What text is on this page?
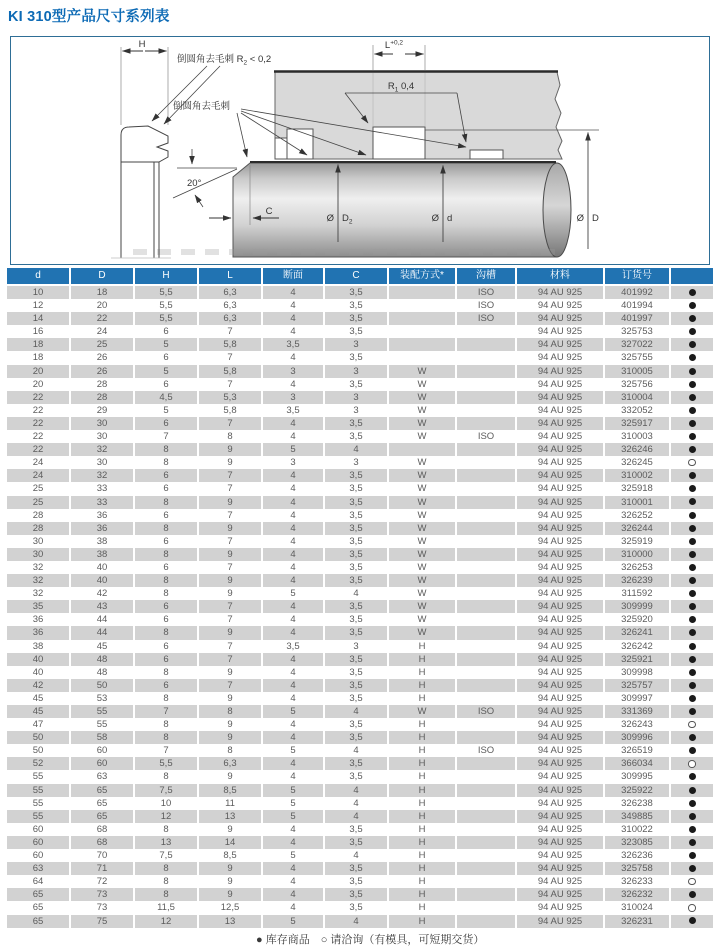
KI 310型产品尺寸系列表
H	$L^{+0,2}$
倒圆角去毛刺 $R_2 < 0,2$
倒圆角去毛刺
$R_1$ 0,4
20°
C
Ø $D_2$	Ø d	Ø D
d	D	H	L	断面	C	装配方式*	沟槽	材料	订货号	
10	18	5,5	6,3	4	3,5		ISO	94 AU 925	401992	
12	20	5,5	6,3	4	3,5		ISO	94 AU 925	401994	
14	22	5,5	6,3	4	3,5		ISO	94 AU 925	401997	
16	24	6	7	4	3,5			94 AU 925	325753	
18	25	5	5,8	3,5	3			94 AU 925	327022	
18	26	6	7	4	3,5			94 AU 925	325755	
20	26	5	5,8	3	3	W		94 AU 925	310005	
20	28	6	7	4	3,5	W		94 AU 925	325756	
22	28	4,5	5,3	3	3	W		94 AU 925	310004	
22	29	5	5,8	3,5	3	W		94 AU 925	332052	
22	30	6	7	4	3,5	W		94 AU 925	325917	
22	30	7	8	4	3,5	W	ISO	94 AU 925	310003	
22	32	8	9	5	4			94 AU 925	326246	
24	30	8	9	3	3	W		94 AU 925	326245	
24	32	6	7	4	3,5	W		94 AU 925	310002	
25	33	6	7	4	3,5	W		94 AU 925	325918	
25	33	8	9	4	3,5	W		94 AU 925	310001	
28	36	6	7	4	3,5	W		94 AU 925	326252	
28	36	8	9	4	3,5	W		94 AU 925	326244	
30	38	6	7	4	3,5	W		94 AU 925	325919	
30	38	8	9	4	3,5	W		94 AU 925	310000	
32	40	6	7	4	3,5	W		94 AU 925	326253	
32	40	8	9	4	3,5	W		94 AU 925	326239	
32	42	8	9	5	4	W		94 AU 925	311592	
35	43	6	7	4	3,5	W		94 AU 925	309999	
36	44	6	7	4	3,5	W		94 AU 925	325920	
36	44	8	9	4	3,5	W		94 AU 925	326241	
38	45	6	7	3,5	3	H		94 AU 925	326242	
40	48	6	7	4	3,5	H		94 AU 925	325921	
40	48	8	9	4	3,5	H		94 AU 925	309998	
42	50	6	7	4	3,5	H		94 AU 925	325757	
45	53	8	9	4	3,5	H		94 AU 925	309997	
45	55	7	8	5	4	W	ISO	94 AU 925	331369	
47	55	8	9	4	3,5	H		94 AU 925	326243	
50	58	8	9	4	3,5	H		94 AU 925	309996	
50	60	7	8	5	4	H	ISO	94 AU 925	326519	
52	60	5,5	6,3	4	3,5	H		94 AU 925	366034	
55	63	8	9	4	3,5	H		94 AU 925	309995	
55	65	7,5	8,5	5	4	H		94 AU 925	325922	
55	65	10	11	5	4	H		94 AU 925	326238	
55	65	12	13	5	4	H		94 AU 925	349885	
60	68	8	9	4	3,5	H		94 AU 925	310022	
60	68	13	14	4	3,5	H		94 AU 925	323085	
60	70	7,5	8,5	5	4	H		94 AU 925	326236	
63	71	8	9	4	3,5	H		94 AU 925	325758	
64	72	8	9	4	3,5	H		94 AU 925	326233	
65	73	8	9	4	3,5	H		94 AU 925	326232	
65	73	11,5	12,5	4	3,5	H		94 AU 925	310024	
65	75	12	13	5	4	H		94 AU 925	326231	
● 库存商品　○ 请洽询（有模具，可短期交货）
